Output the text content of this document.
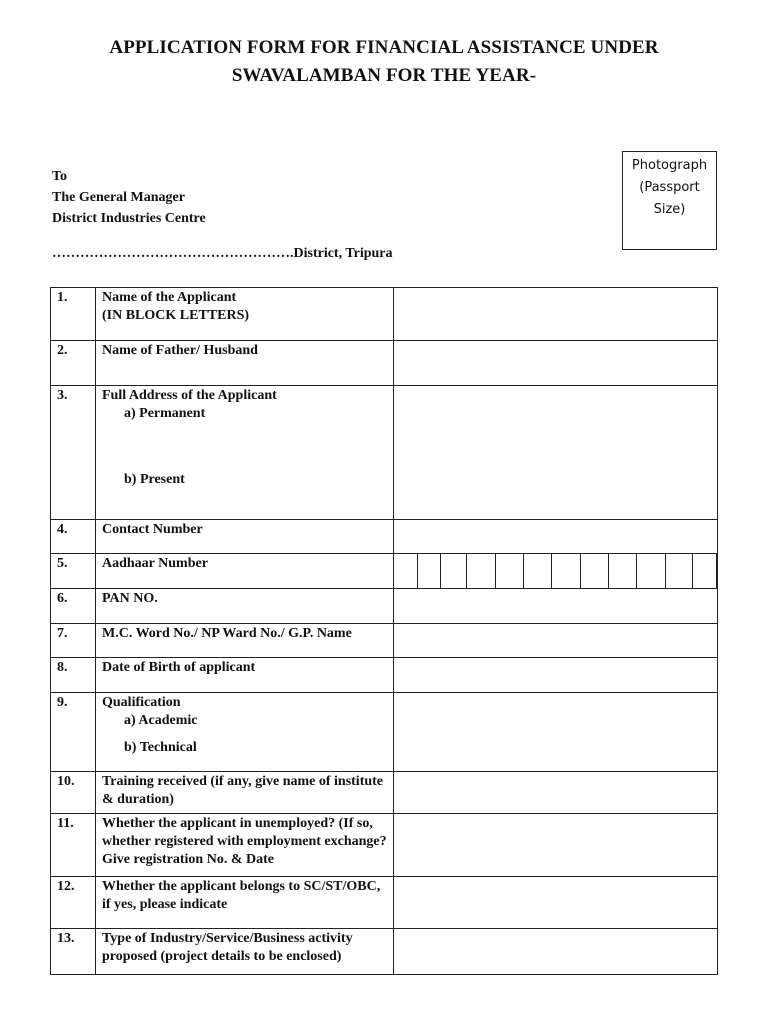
APPLICATION FORM FOR FINANCIAL ASSISTANCE UNDER
SWAVALAMBAN FOR THE YEAR-
To
The General Manager
District Industries Centre
…………………………………………….District, Tripura
Photograph
(Passport
Size)
1.	Name of the Applicant
(IN BLOCK LETTERS)	
2.	Name of Father/ Husband	
3.	Full Address of the Applicant
a) Permanent
b) Present	

4.	Contact Number	
5.	Aadhaar Number	

6.	PAN NO.	
7.	M.C. Word No./ NP Ward No./ G.P. Name	
8.	Date of Birth of applicant	
9.	Qualification
a) Academic
b) Technical	

10.	Training received (if any, give name of institute & duration)	
11.	Whether the applicant in unemployed? (If so, whether registered with employment exchange? Give registration No. & Date	
12.	Whether the applicant belongs to SC/ST/OBC, if yes, please indicate	
13.	Type of Industry/Service/Business activity proposed (project details to be enclosed)	
